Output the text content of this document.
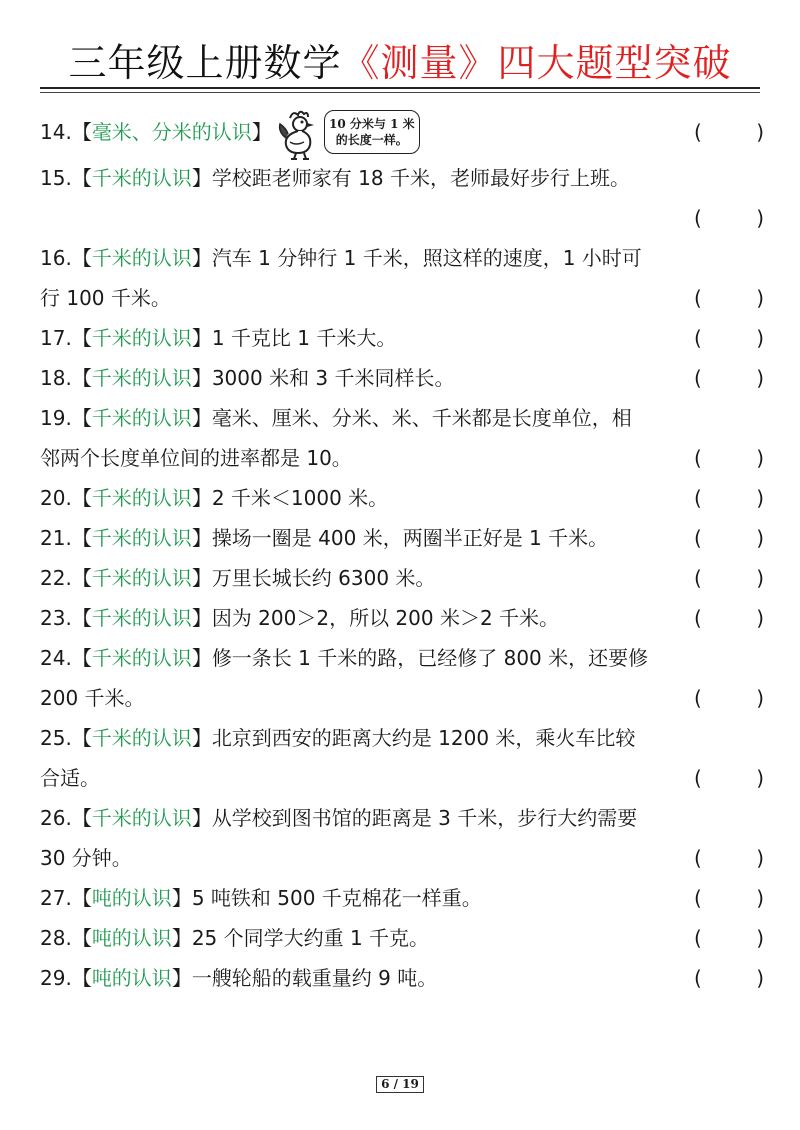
三年级上册数学《测量》四大题型突破
14.【毫米、分米的认识】	10 分米与 1 米
的长度一样。	(	)
15.【千米的认识】学校距老师家有 18 千米，老师最好步行上班。

(	)
16.【千米的认识】汽车 1 分钟行 1 千米，照这样的速度，1 小时可
行 100 千米。	(	)
17.【千米的认识】1 千克比 1 千米大。	(	)
18.【千米的认识】3000 米和 3 千米同样长。	(	)
19.【千米的认识】毫米、厘米、分米、米、千米都是长度单位，相
邻两个长度单位间的进率都是 10。	(	)
20.【千米的认识】2 千米＜1000 米。	(	)
21.【千米的认识】操场一圈是 400 米，两圈半正好是 1 千米。	(	)
22.【千米的认识】万里长城长约 6300 米。	(	)
23.【千米的认识】因为 200＞2，所以 200 米＞2 千米。	(	)
24.【千米的认识】修一条长 1 千米的路，已经修了 800 米，还要修
200 千米。	(	)
25.【千米的认识】北京到西安的距离大约是 1200 米，乘火车比较
合适。	(	)
26.【千米的认识】从学校到图书馆的距离是 3 千米，步行大约需要
30 分钟。	(	)
27.【吨的认识】5 吨铁和 500 千克棉花一样重。	(	)
28.【吨的认识】25 个同学大约重 1 千克。	(	)
29.【吨的认识】一艘轮船的载重量约 9 吨。	(	)
6 / 19
